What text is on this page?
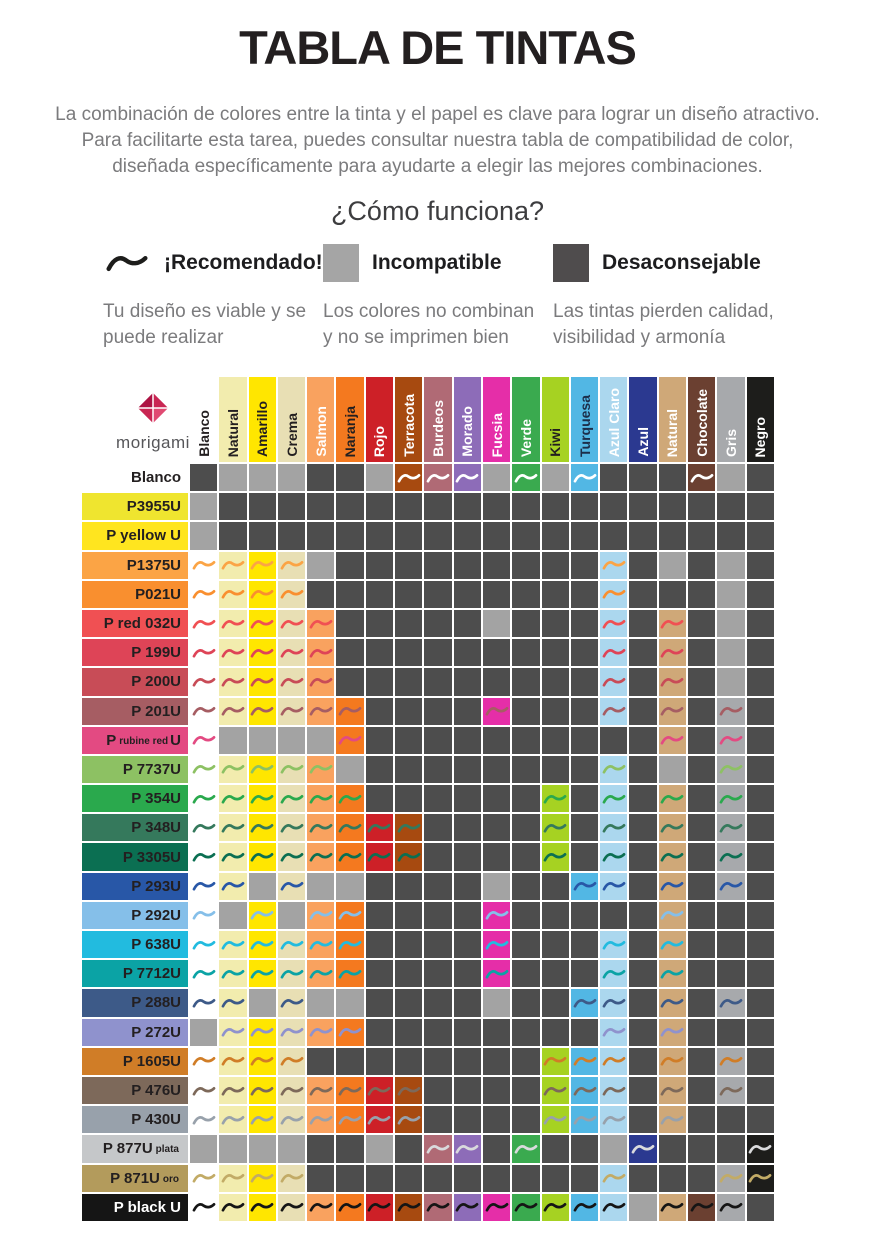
TABLA DE TINTAS

La combinación de colores entre la tinta y el papel es clave para lograr un diseño atractivo.
Para facilitarte esta tarea, puedes consultar nuestra tabla de compatibilidad de color,
diseñada específicamente para ayudarte a elegir las mejores combinaciones.

¿Cómo funciona?
¡Recomendado!
Tu diseño es viable y se
puede realizar
Incompatible
Los colores no combinan
y no se imprimen bien
Desaconsejable
Las tintas pierden calidad,
visibilidad y armonía
Blanco Natural Amarillo Crema Salmon Naranja Rojo Terracota Burdeos Morado Fucsia Verde Kiwi Turquesa Azul Claro Azul Natural Chocolate Gris Negro
Blanco
P3955U
P yellow U
P1375U
P021U
P red 032U
P 199U
P 200U
P 201U
P rubine red U
P 7737U
P 354U
P 348U
P 3305U
P 293U
P 292U
P 638U
P 7712U
P 288U
P 272U
P 1605U
P 476U
P 430U
P 877U plata
P 871U oro
P black U
morigami
